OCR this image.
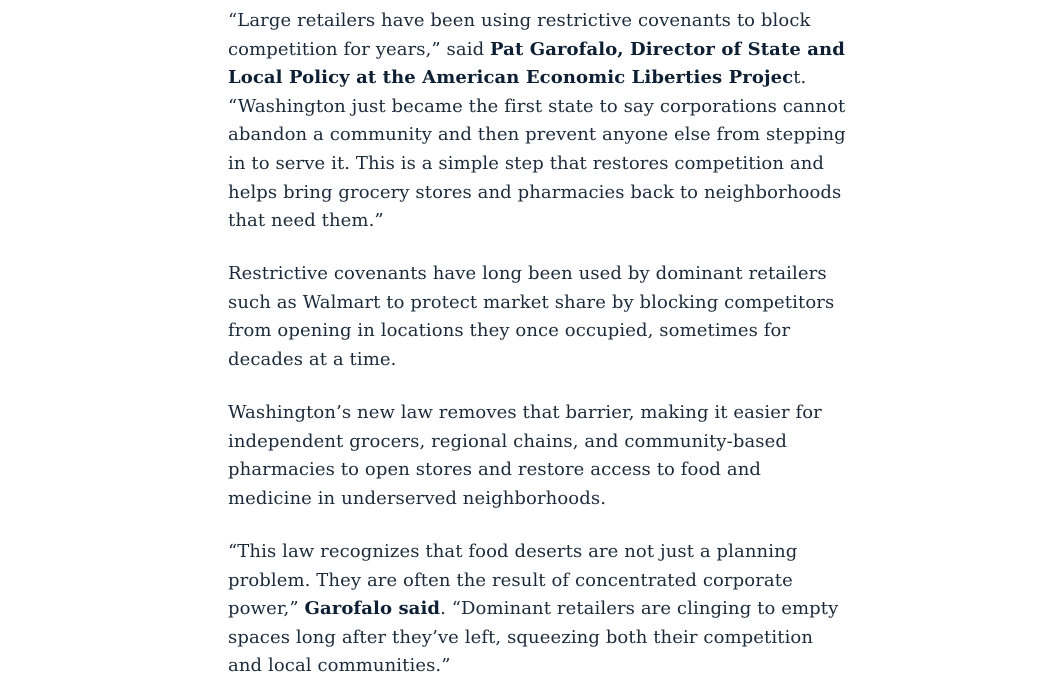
“Large retailers have been using restrictive covenants to block competition for years,” said Pat Garofalo, Director of State and Local Policy at the American Economic Liberties Project. “Washington just became the first state to say corporations cannot abandon a community and then prevent anyone else from stepping in to serve it. This is a simple step that restores competition and helps bring grocery stores and pharmacies back to neighborhoods that need them.”

Restrictive covenants have long been used by dominant retailers such as Walmart to protect market share by blocking competitors from opening in locations they once occupied, sometimes for decades at a time.

Washington’s new law removes that barrier, making it easier for independent grocers, regional chains, and community-based pharmacies to open stores and restore access to food and medicine in underserved neighborhoods.

“This law recognizes that food deserts are not just a planning problem. They are often the result of concentrated corporate power,” Garofalo said. “Dominant retailers are clinging to empty spaces long after they’ve left, squeezing both their competition and local communities.”
